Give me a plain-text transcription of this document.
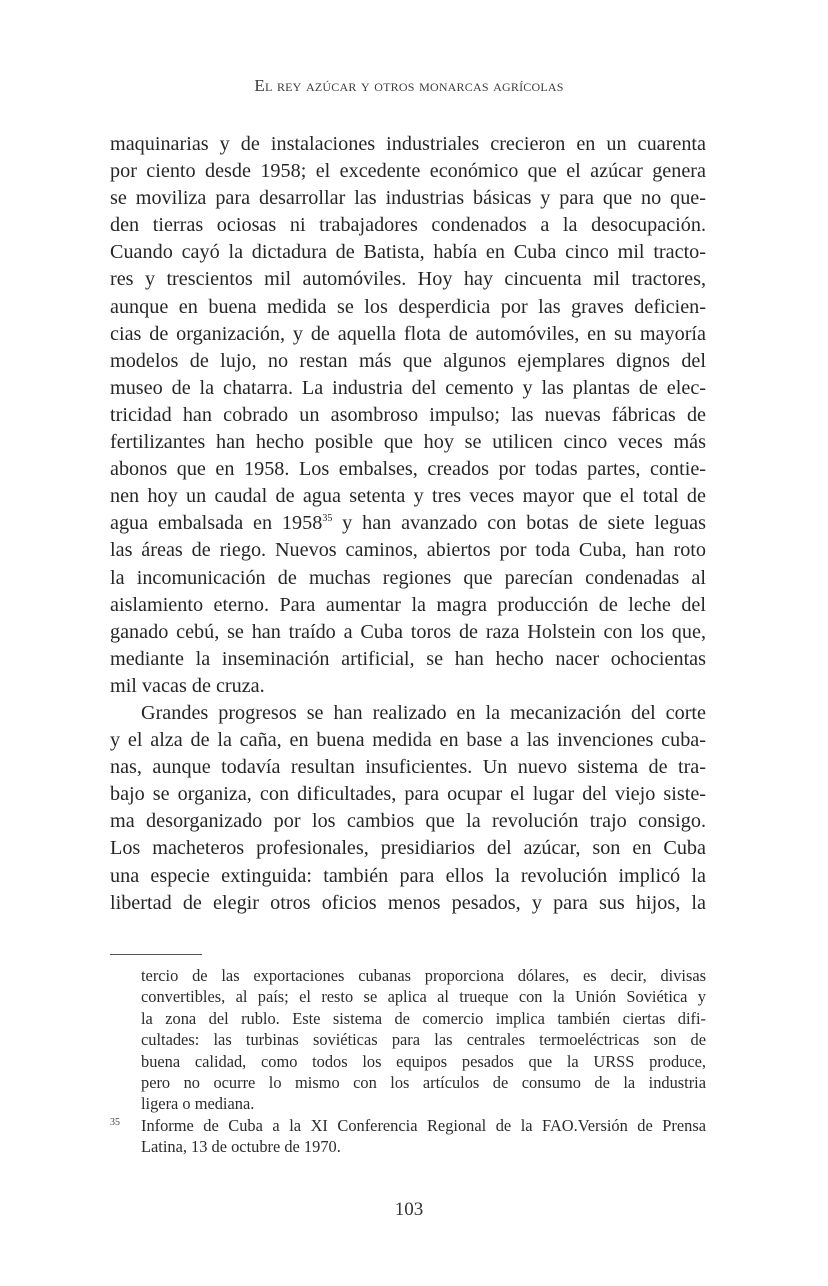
El rey azúcar y otros monarcas agrícolas
maquinarias y de instalaciones industriales crecieron en un cuarenta
por ciento desde 1958; el excedente económico que el azúcar genera
se moviliza para desarrollar las industrias básicas y para que no que-
den tierras ociosas ni trabajadores condenados a la desocupación.
Cuando cayó la dictadura de Batista, había en Cuba cinco mil tracto-
res y trescientos mil automóviles. Hoy hay cincuenta mil tractores,
aunque en buena medida se los desperdicia por las graves deficien-
cias de organización, y de aquella flota de automóviles, en su mayoría
modelos de lujo, no restan más que algunos ejemplares dignos del
museo de la chatarra. La industria del cemento y las plantas de elec-
tricidad han cobrado un asombroso impulso; las nuevas fábricas de
fertilizantes han hecho posible que hoy se utilicen cinco veces más
abonos que en 1958. Los embalses, creados por todas partes, contie-
nen hoy un caudal de agua setenta y tres veces mayor que el total de
agua embalsada en 1958$^{35}$ y han avanzado con botas de siete leguas
las áreas de riego. Nuevos caminos, abiertos por toda Cuba, han roto
la incomunicación de muchas regiones que parecían condenadas al
aislamiento eterno. Para aumentar la magra producción de leche del
ganado cebú, se han traído a Cuba toros de raza Holstein con los que,
mediante la inseminación artificial, se han hecho nacer ochocientas
mil vacas de cruza.
Grandes progresos se han realizado en la mecanización del corte
y el alza de la caña, en buena medida en base a las invenciones cuba-
nas, aunque todavía resultan insuficientes. Un nuevo sistema de tra-
bajo se organiza, con dificultades, para ocupar el lugar del viejo siste-
ma desorganizado por los cambios que la revolución trajo consigo.
Los macheteros profesionales, presidiarios del azúcar, son en Cuba
una especie extinguida: también para ellos la revolución implicó la
libertad de elegir otros oficios menos pesados, y para sus hijos, la
tercio de las exportaciones cubanas proporciona dólares, es decir, divisas
convertibles, al país; el resto se aplica al trueque con la Unión Soviética y
la zona del rublo. Este sistema de comercio implica también ciertas difi-
cultades: las turbinas soviéticas para las centrales termoeléctricas son de
buena calidad, como todos los equipos pesados que la URSS produce,
pero no ocurre lo mismo con los artículos de consumo de la industria
ligera o mediana.
35 Informe de Cuba a la XI Conferencia Regional de la FAO.Versión de Prensa
Latina, 13 de octubre de 1970.
103
